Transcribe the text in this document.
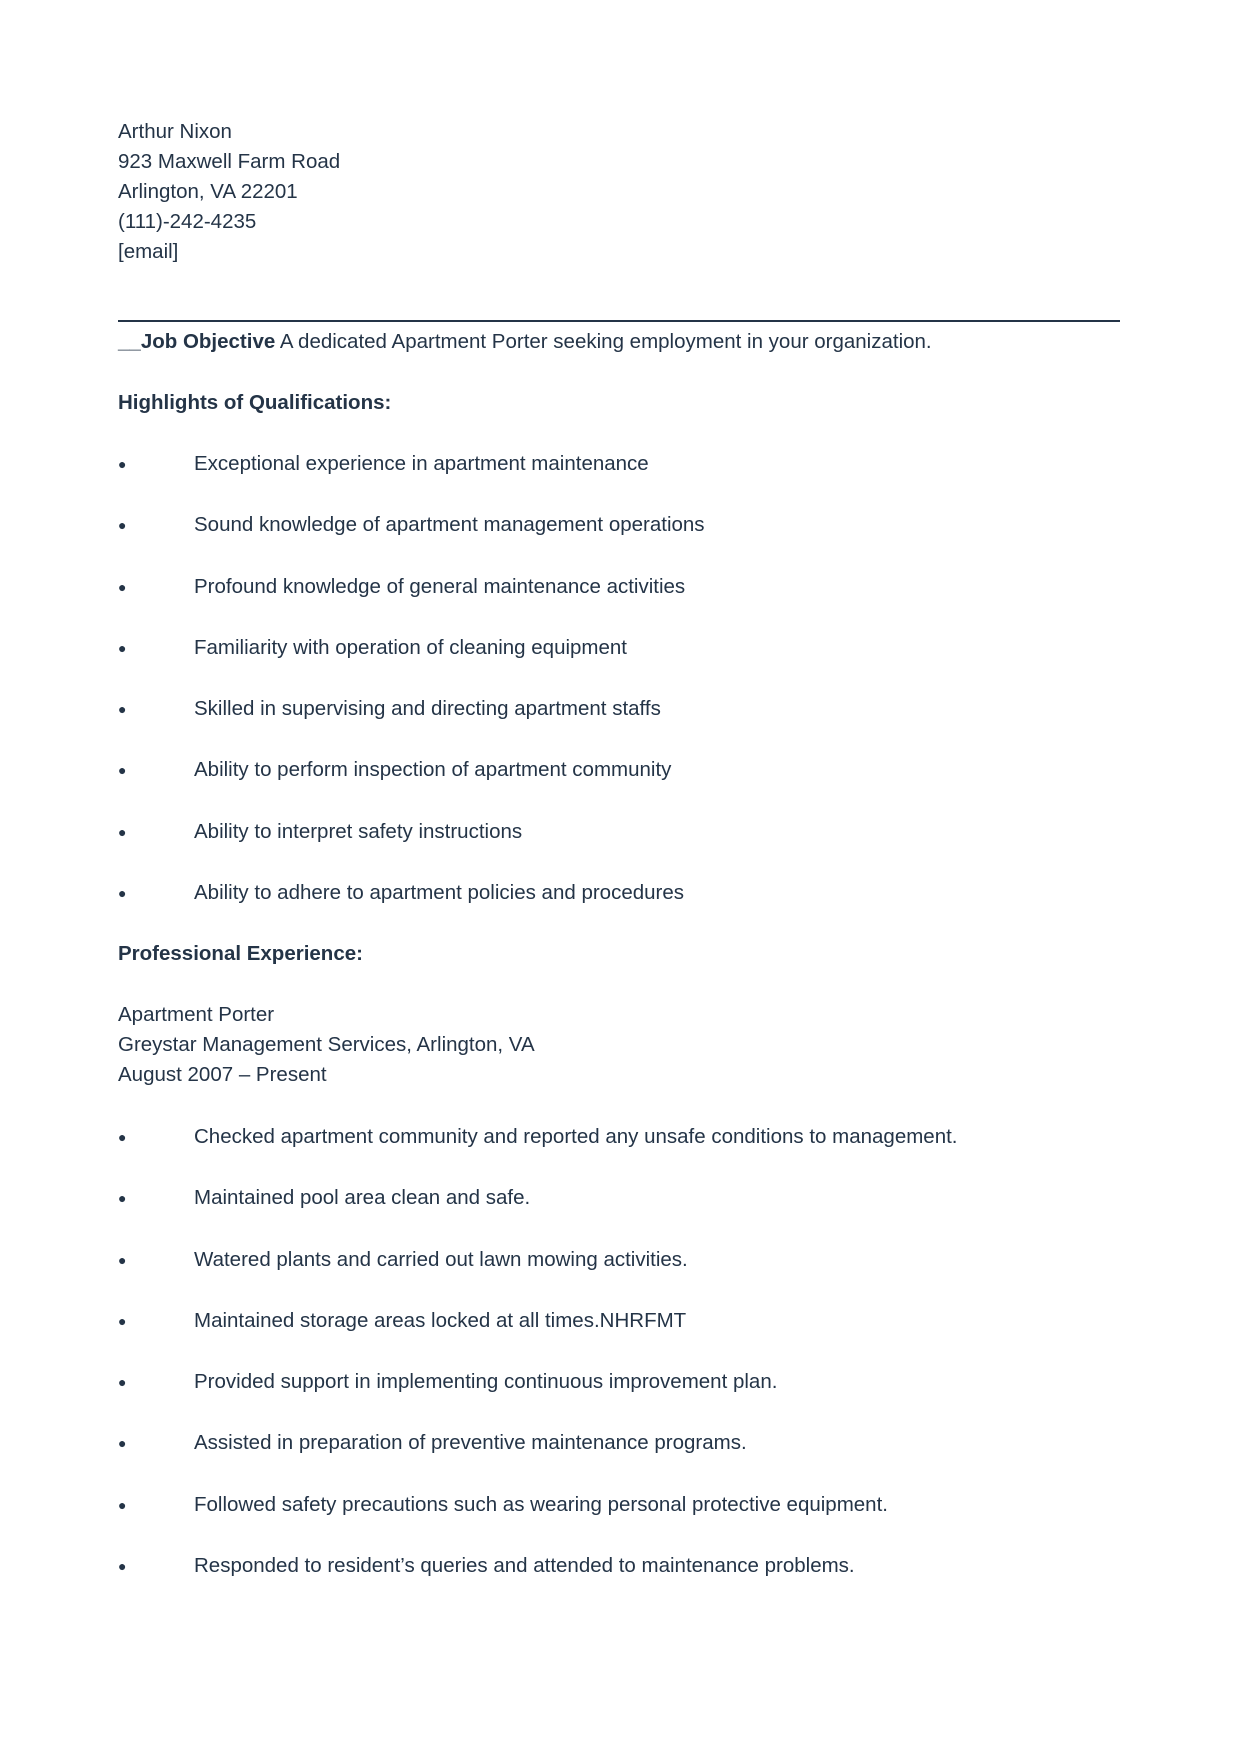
Arthur Nixon
923 Maxwell Farm Road
Arlington, VA 22201
(111)-242-4235
[email]
__Job Objective A dedicated Apartment Porter seeking employment in your organization.
Highlights of Qualifications:
●	Exceptional experience in apartment maintenance
●	Sound knowledge of apartment management operations
●	Profound knowledge of general maintenance activities
●	Familiarity with operation of cleaning equipment
●	Skilled in supervising and directing apartment staffs
●	Ability to perform inspection of apartment community
●	Ability to interpret safety instructions
●	Ability to adhere to apartment policies and procedures
Professional Experience:
Apartment Porter
Greystar Management Services, Arlington, VA
August 2007 – Present
●	Checked apartment community and reported any unsafe conditions to management.
●	Maintained pool area clean and safe.
●	Watered plants and carried out lawn mowing activities.
●	Maintained storage areas locked at all times.NHRFMT
●	Provided support in implementing continuous improvement plan.
●	Assisted in preparation of preventive maintenance programs.
●	Followed safety precautions such as wearing personal protective equipment.
●	Responded to resident’s queries and attended to maintenance problems.
